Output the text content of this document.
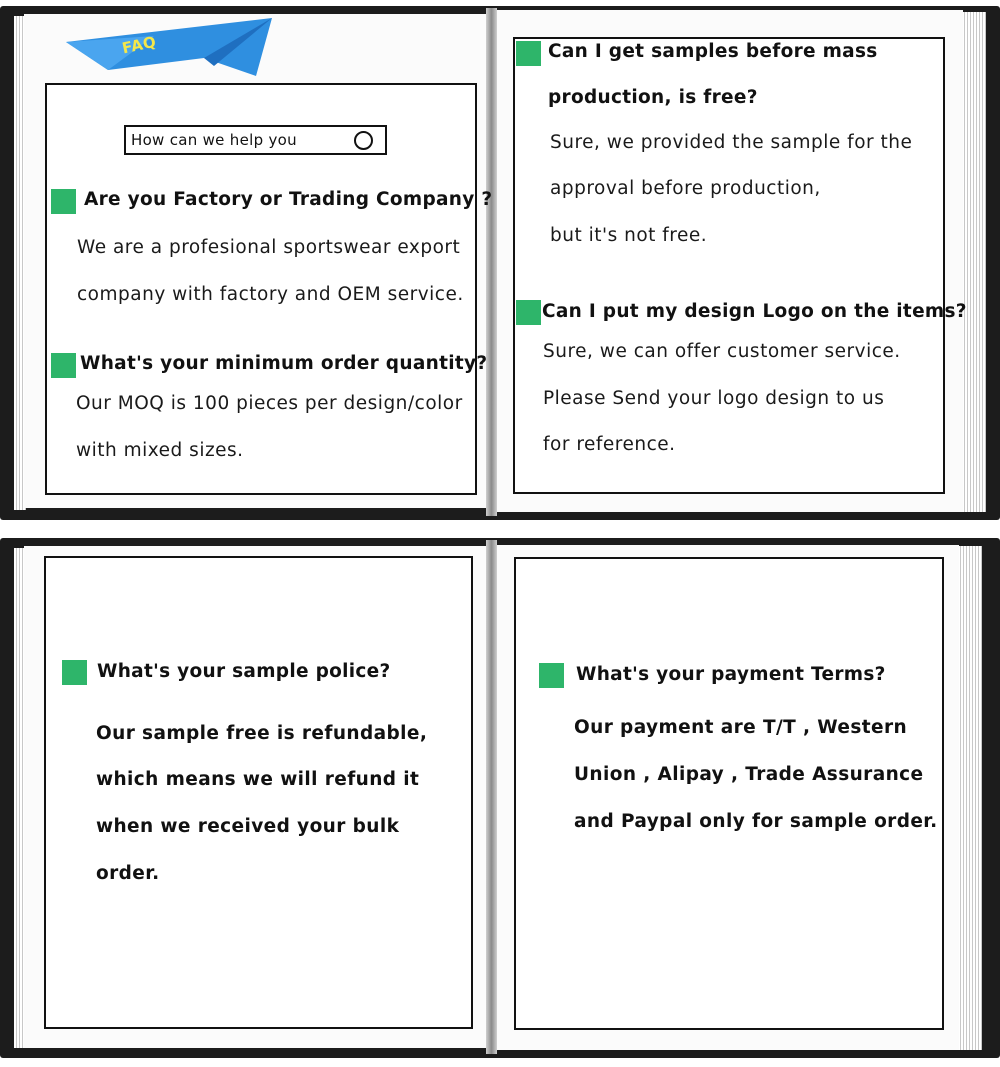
FAQ
How can we help you
Are you Factory or Trading Company ?
We are a profesional sportswear export
company with factory and OEM service.
What's your minimum order quantity?
Our MOQ is 100 pieces per design/color
with mixed sizes.
Can I get samples before mass
production, is free?
Sure, we provided the sample for the
approval before production,
but it's not free.
Can I put my design Logo on the items?
Sure, we can offer customer service.
Please Send your logo design to us
for reference.
What's your sample police?
Our sample free is refundable,
which means we will refund it
when we received your bulk
order.
What's your payment Terms?
Our payment are T/T , Western
Union , Alipay , Trade Assurance
and Paypal only for sample order.
